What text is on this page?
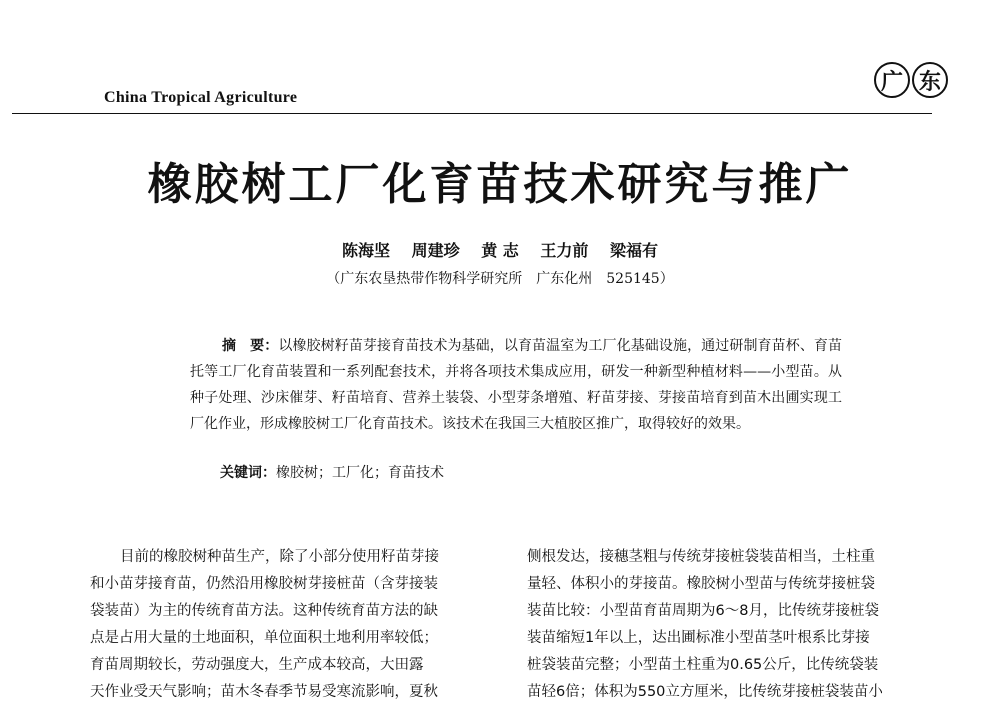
China Tropical Agriculture
广 东
橡胶树工厂化育苗技术研究与推广
陈海坚 周建珍 黄 志 王力前 梁福有
（广东农垦热带作物科学研究所　广东化州　525145）
摘　要：以橡胶树籽苗芽接育苗技术为基础，以育苗温室为工厂化基础设施，通过研制育苗杯、育苗托等工厂化育苗装置和一系列配套技术，并将各项技术集成应用，研发一种新型种植材料——小型苗。从种子处理、沙床催芽、籽苗培育、营养土装袋、小型芽条增殖、籽苗芽接、芽接苗培育到苗木出圃实现工厂化作业，形成橡胶树工厂化育苗技术。该技术在我国三大植胶区推广，取得较好的效果。
关键词：橡胶树；工厂化；育苗技术

目前的橡胶树种苗生产，除了小部分使用籽苗芽接

和小苗芽接育苗，仍然沿用橡胶树芽接桩苗（含芽接装

袋装苗）为主的传统育苗方法。这种传统育苗方法的缺

点是占用大量的土地面积，单位面积土地利用率较低；

育苗周期较长，劳动强度大，生产成本较高，大田露

天作业受天气影响；苗木冬春季节易受寒流影响，夏秋

侧根发达，接穗茎粗与传统芽接桩袋装苗相当，土柱重

量轻、体积小的芽接苗。橡胶树小型苗与传统芽接桩袋

装苗比较：小型苗育苗周期为6～8月，比传统芽接桩袋

装苗缩短1年以上，达出圃标准小型苗茎叶根系比芽接

桩袋装苗完整；小型苗土柱重为0.65公斤，比传统袋装

苗轻6倍；体积为550立方厘米，比传统芽接桩袋装苗小
